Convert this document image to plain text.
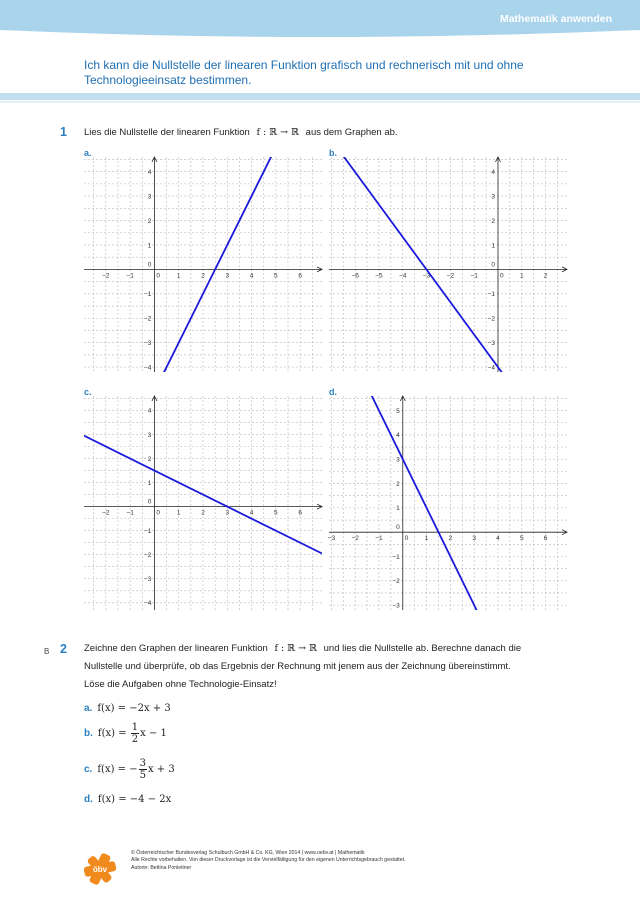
Mathematik anwenden
Ich kann die Nullstelle der linearen Funktion grafisch und rechnerisch mit und ohne Technologieeinsatz bestimmen.
1 Lies die Nullstelle der linearen Funktion f : ℝ → ℝ aus dem Graphen ab.
a.	b.
c.	d.
−2	−1	0	1	2	3	4	5	6
−4
−3
−2
−1
0
1
2
3
4
−6	−5	−4	−3	−2	−1	0	1	2
−4
−3
−2
−1
0
1
2
3
4
−2	−1	0	1	2	3	4	5	6
−4
−3
−2
−1
0
1
2
3
4
−3	−2	−1	0	1	2	3	4	5	6
−3
−2
−1
0
1
2
3
4
5
B 2 Zeichne den Graphen der linearen Funktion f : ℝ → ℝ und lies die Nullstelle ab. Berechne danach die
Nullstelle und überprüfe, ob das Ergebnis der Rechnung mit jenem aus der Zeichnung übereinstimmt.
Löse die Aufgaben ohne Technologie-Einsatz!
a. f(x) = −2x + 3
b. $f(x) = \frac{1}{2}$ x − 1
c. f(x) = − $\frac{3}{5}$ x + 3
d. f(x) = −4 − 2x
öbv
© Österreichischer Bundesverlag Schulbuch GmbH & Co. KG, Wien 2014 | www.oebv.at | Mathematik
Alle Rechte vorbehalten. Von dieser Druckvorlage ist die Vervielfältigung für den eigenen Unterrichtsgebrauch gestattet.
Autorin: Bettina Ponleitner
